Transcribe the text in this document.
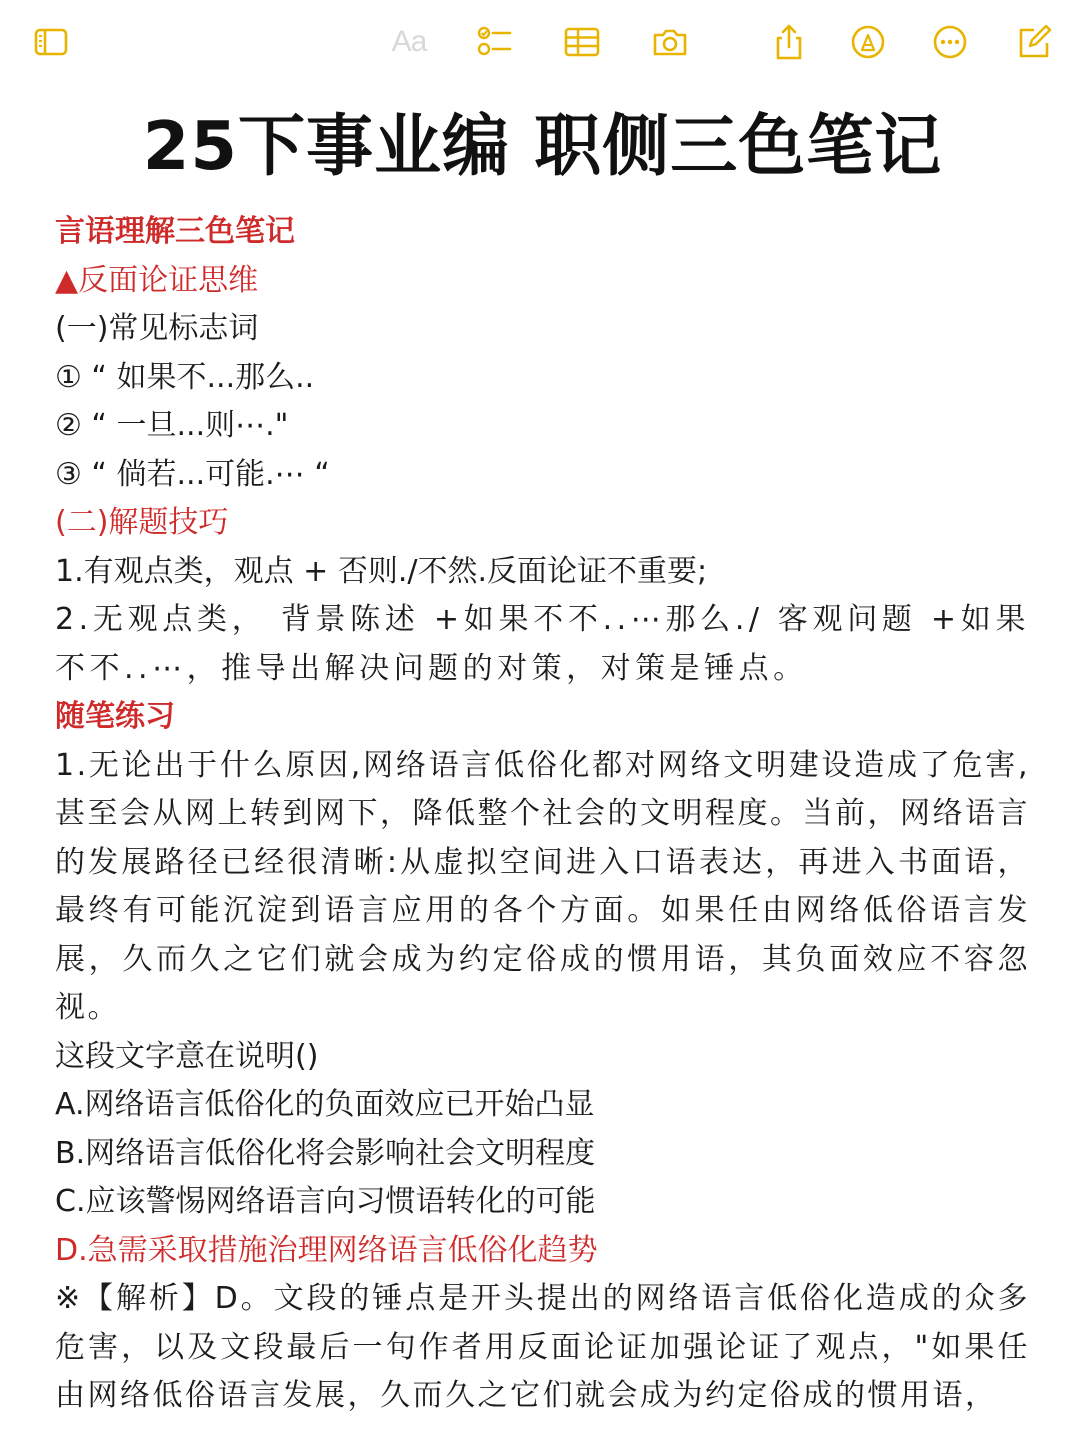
Aa
25下事业编 职侧三色笔记

言语理解三色笔记

▲反面论证思维

(一)常见标志词

① “ 如果不...那么..

② “ 一旦...则⋯."

③ “ 倘若...可能.⋯ “

(二)解题技巧

1.有观点类，观点 + 否则./不然.反面论证不重要;

2.无观点类， 背景陈述 +如果不不..⋯那么./ 客观问题 +如果不不..⋯，推导出解决问题的对策，对策是锤点。

随笔练习

1.无论出于什么原因,网络语言低俗化都对网络文明建设造成了危害,甚至会从网上转到网下，降低整个社会的文明程度。当前，网络语言的发展路径已经很清晰:从虚拟空间进入口语表达，再进入书面语，最终有可能沉淀到语言应用的各个方面。如果任由网络低俗语言发展，久而久之它们就会成为约定俗成的惯用语，其负面效应不容忽视。

这段文字意在说明()

A.网络语言低俗化的负面效应已开始凸显

B.网络语言低俗化将会影响社会文明程度

C.应该警惕网络语言向习惯语转化的可能

D.急需采取措施治理网络语言低俗化趋势

※【解析】D。文段的锤点是开头提出的网络语言低俗化造成的众多危害，以及文段最后一句作者用反面论证加强论证了观点，"如果任由网络低俗语言发展，久而久之它们就会成为约定俗成的惯用语，
